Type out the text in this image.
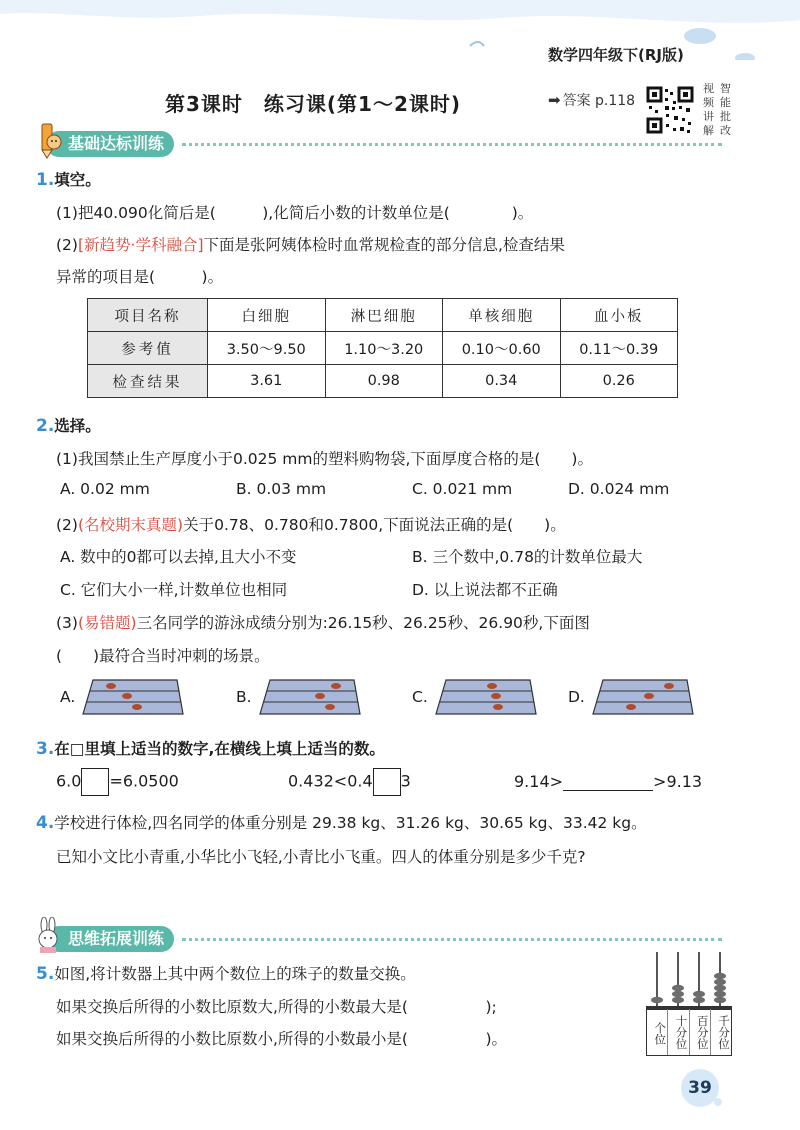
数学四年级下(RJ版)
第3课时　练习课(第1～2课时)	➡ 答案 p.118
视 智
频 能
讲 批
解 改
基础达标训练
1.填空。
(1)把40.090化简后是(　　　),化简后小数的计数单位是(　　　　)。
(2)[新趋势·学科融合]下面是张阿姨体检时血常规检查的部分信息,检查结果
异常的项目是(　　　)。
项目名称	白细胞	淋巴细胞	单核细胞	血小板
参考值	3.50～9.50	1.10～3.20	0.10～0.60	0.11～0.39
检查结果	3.61	0.98	0.34	0.26
2.选择。
(1)我国禁止生产厚度小于0.025 mm的塑料购物袋,下面厚度合格的是(　　)。
A. 0.02 mm	B. 0.03 mm	C. 0.021 mm	D. 0.024 mm
(2)(名校期末真题)关于0.78、0.780和0.7800,下面说法正确的是(　　)。
A. 数中的0都可以去掉,且大小不变	B. 三个数中,0.78的计数单位最大
C. 它们大小一样,计数单位也相同	D. 以上说法都不正确
(3)(易错题)三名同学的游泳成绩分别为:26.15秒、26.25秒、26.90秒,下面图
(　　)最符合当时冲刺的场景。
A.	B.	C.	D.
3.在□里填上适当的数字,在横线上填上适当的数。
6.0 =6.0500	0.432<0.4 3	9.14>	>9.13
4.学校进行体检,四名同学的体重分别是 29.38 kg、31.26 kg、30.65 kg、33.42 kg。
已知小文比小青重,小华比小飞轻,小青比小飞重。四人的体重分别是多少千克?
思维拓展训练
5.如图,将计数器上其中两个数位上的珠子的数量交换。
如果交换后所得的小数比原数大,所得的小数最大是(　　　　　);
如果交换后所得的小数比原数小,所得的小数最小是(　　　　　)。	个位 十分位 百分位 千分位
39
